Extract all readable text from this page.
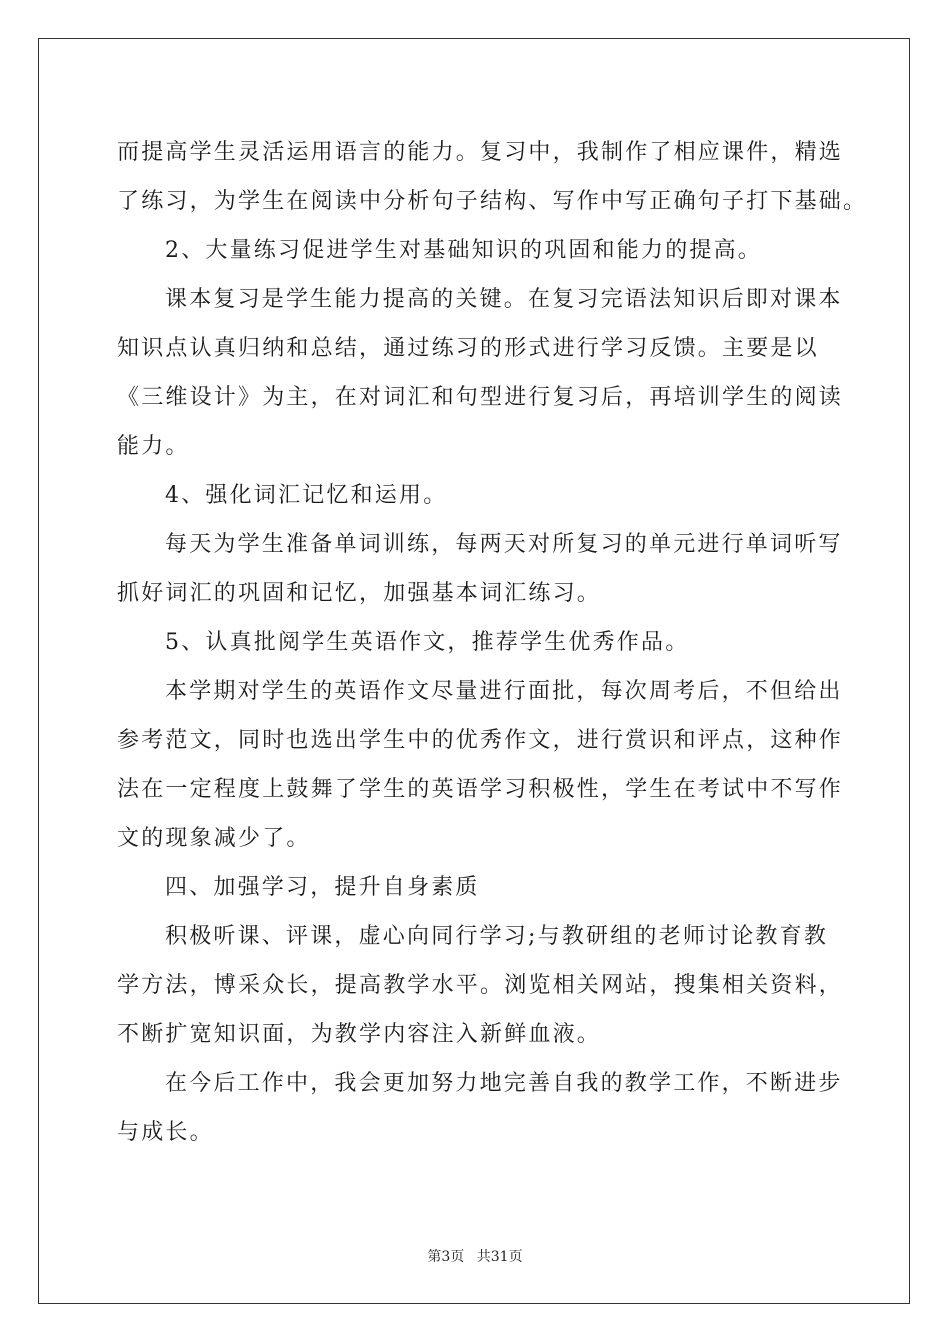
而提高学生灵活运用语言的能力。复习中，我制作了相应课件，精选
了练习，为学生在阅读中分析句子结构、写作中写正确句子打下基础。
2、大量练习促进学生对基础知识的巩固和能力的提高。
课本复习是学生能力提高的关键。在复习完语法知识后即对课本
知识点认真归纳和总结，通过练习的形式进行学习反馈。主要是以
《三维设计》为主，在对词汇和句型进行复习后，再培训学生的阅读
能力。
4、强化词汇记忆和运用。
每天为学生准备单词训练，每两天对所复习的单元进行单词听写
抓好词汇的巩固和记忆，加强基本词汇练习。
5、认真批阅学生英语作文，推荐学生优秀作品。
本学期对学生的英语作文尽量进行面批，每次周考后，不但给出
参考范文，同时也选出学生中的优秀作文，进行赏识和评点，这种作
法在一定程度上鼓舞了学生的英语学习积极性，学生在考试中不写作
文的现象减少了。
四、加强学习，提升自身素质
积极听课、评课，虚心向同行学习;与教研组的老师讨论教育教
学方法，博采众长，提高教学水平。浏览相关网站，搜集相关资料，
不断扩宽知识面，为教学内容注入新鲜血液。
在今后工作中，我会更加努力地完善自我的教学工作，不断进步
与成长。
第3页 共31页
